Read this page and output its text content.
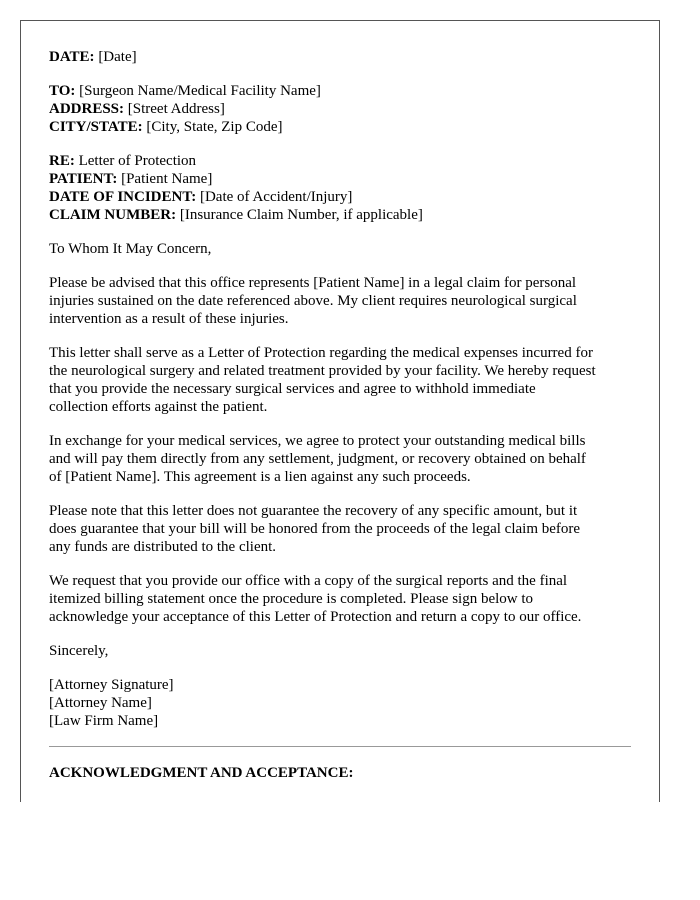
DATE: [Date]
TO: [Surgeon Name/Medical Facility Name]
ADDRESS: [Street Address]
CITY/STATE: [City, State, Zip Code]
RE: Letter of Protection
PATIENT: [Patient Name]
DATE OF INCIDENT: [Date of Accident/Injury]
CLAIM NUMBER: [Insurance Claim Number, if applicable]

To Whom It May Concern,

Please be advised that this office represents [Patient Name] in a legal claim for personal
injuries sustained on the date referenced above. My client requires neurological surgical
intervention as a result of these injuries.

This letter shall serve as a Letter of Protection regarding the medical expenses incurred for
the neurological surgery and related treatment provided by your facility. We hereby request
that you provide the necessary surgical services and agree to withhold immediate
collection efforts against the patient.

In exchange for your medical services, we agree to protect your outstanding medical bills
and will pay them directly from any settlement, judgment, or recovery obtained on behalf
of [Patient Name]. This agreement is a lien against any such proceeds.

Please note that this letter does not guarantee the recovery of any specific amount, but it
does guarantee that your bill will be honored from the proceeds of the legal claim before
any funds are distributed to the client.

We request that you provide our office with a copy of the surgical reports and the final
itemized billing statement once the procedure is completed. Please sign below to
acknowledge your acceptance of this Letter of Protection and return a copy to our office.

Sincerely,

[Attorney Signature]
[Attorney Name]
[Law Firm Name]
ACKNOWLEDGMENT AND ACCEPTANCE:
